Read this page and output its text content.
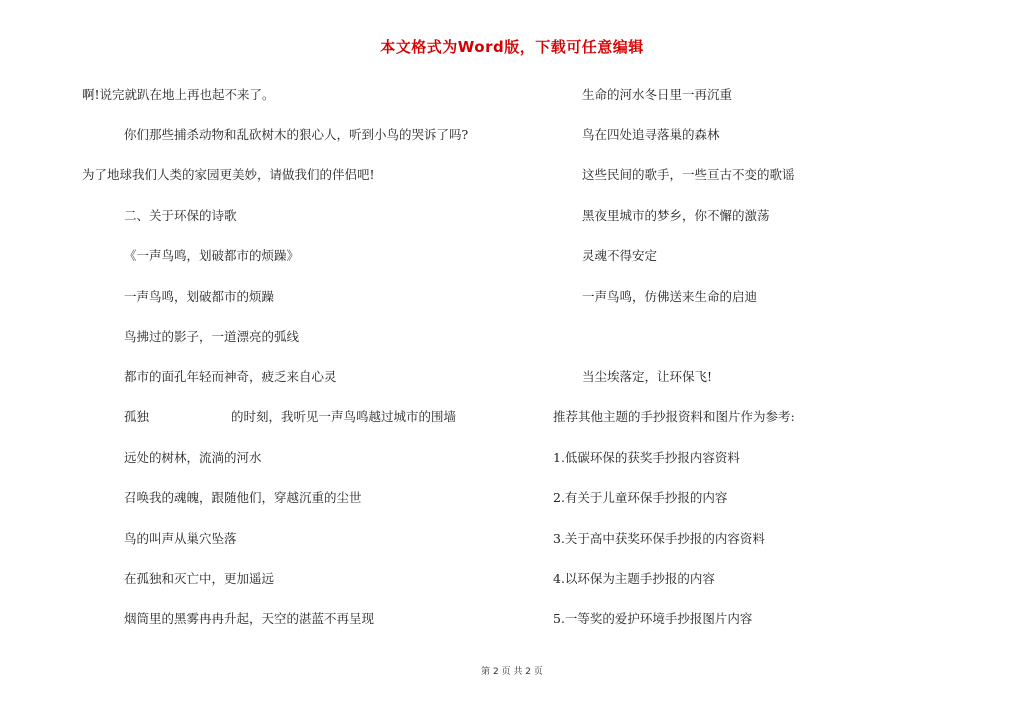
本文格式为Word版，下载可任意编辑
啊!说完就趴在地上再也起不来了。
你们那些捕杀动物和乱砍树木的狠心人，听到小鸟的哭诉了吗?
为了地球我们人类的家园更美妙，请做我们的伴侣吧!
二、关于环保的诗歌
《一声鸟鸣，划破都市的烦躁》
一声鸟鸣，划破都市的烦躁
鸟拂过的影子，一道漂亮的弧线
都市的面孔年轻而神奇，疲乏来自心灵
孤独	的时刻，我听见一声鸟鸣越过城市的围墙
远处的树林，流淌的河水
召唤我的魂魄，跟随他们，穿越沉重的尘世
鸟的叫声从巢穴坠落
在孤独和灭亡中，更加遥远
烟筒里的黑雾冉冉升起，天空的湛蓝不再呈现
生命的河水冬日里一再沉重
鸟在四处追寻落巢的森林
这些民间的歌手，一些亘古不变的歌谣
黑夜里城市的梦乡，你不懈的激荡
灵魂不得安定
一声鸟鸣，仿佛送来生命的启迪
当尘埃落定，让环保飞!
推荐其他主题的手抄报资料和图片作为参考:
1.低碳环保的获奖手抄报内容资料
2.有关于儿童环保手抄报的内容
3.关于高中获奖环保手抄报的内容资料
4.以环保为主题手抄报的内容
5.一等奖的爱护环境手抄报图片内容
第 2 页 共 2 页
